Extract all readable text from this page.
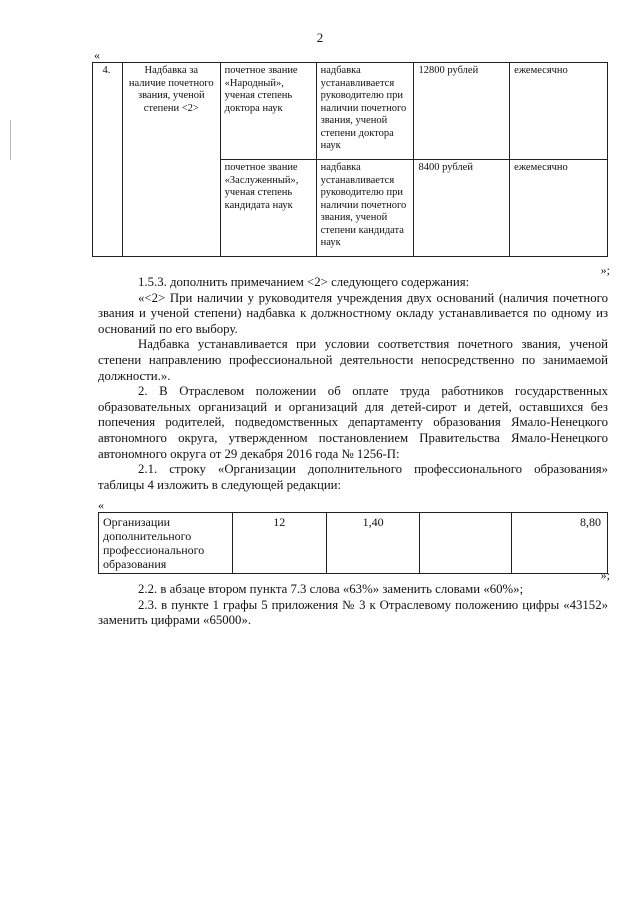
2
«
4.	Надбавка за наличие почетного звания, ученой степени <2>	почетное звание «Народный», ученая степень доктора наук	надбавка устанавливается руководителю при наличии почетного звания, ученой степени доктора наук	12800 рублей	ежемесячно
		почетное звание «Заслуженный», ученая степень кандидата наук	надбавка устанавливается руководителю при наличии почетного звания, ученой степени кандидата наук	8400 рублей	ежемесячно
»;

1.5.3. дополнить примечанием <2> следующего содержания:

«<2> При наличии у руководителя учреждения двух оснований (наличия почетного звания и ученой степени) надбавка к должностному окладу устанавливается по одному из оснований по его выбору.

Надбавка устанавливается при условии соответствия почетного звания, ученой степени направлению профессиональной деятельности непосредственно по занимаемой должности.».

2. В Отраслевом положении об оплате труда работников государственных образовательных организаций и организаций для детей-сирот и детей, оставшихся без попечения родителей, подведомственных департаменту образования Ямало-Ненецкого автономного округа, утвержденном постановлением Правительства Ямало-Ненецкого автономного округа от 29 декабря 2016 года № 1256-П:

2.1. строку «Организации дополнительного профессионального образования» таблицы 4 изложить в следующей редакции:

«
Организации дополнительного профессионального образования	12	1,40		8,80
»;

2.2. в абзаце втором пункта 7.3 слова «63%» заменить словами «60%»;

2.3. в пункте 1 графы 5 приложения № 3 к Отраслевому положению цифры «43152» заменить цифрами «65000».
